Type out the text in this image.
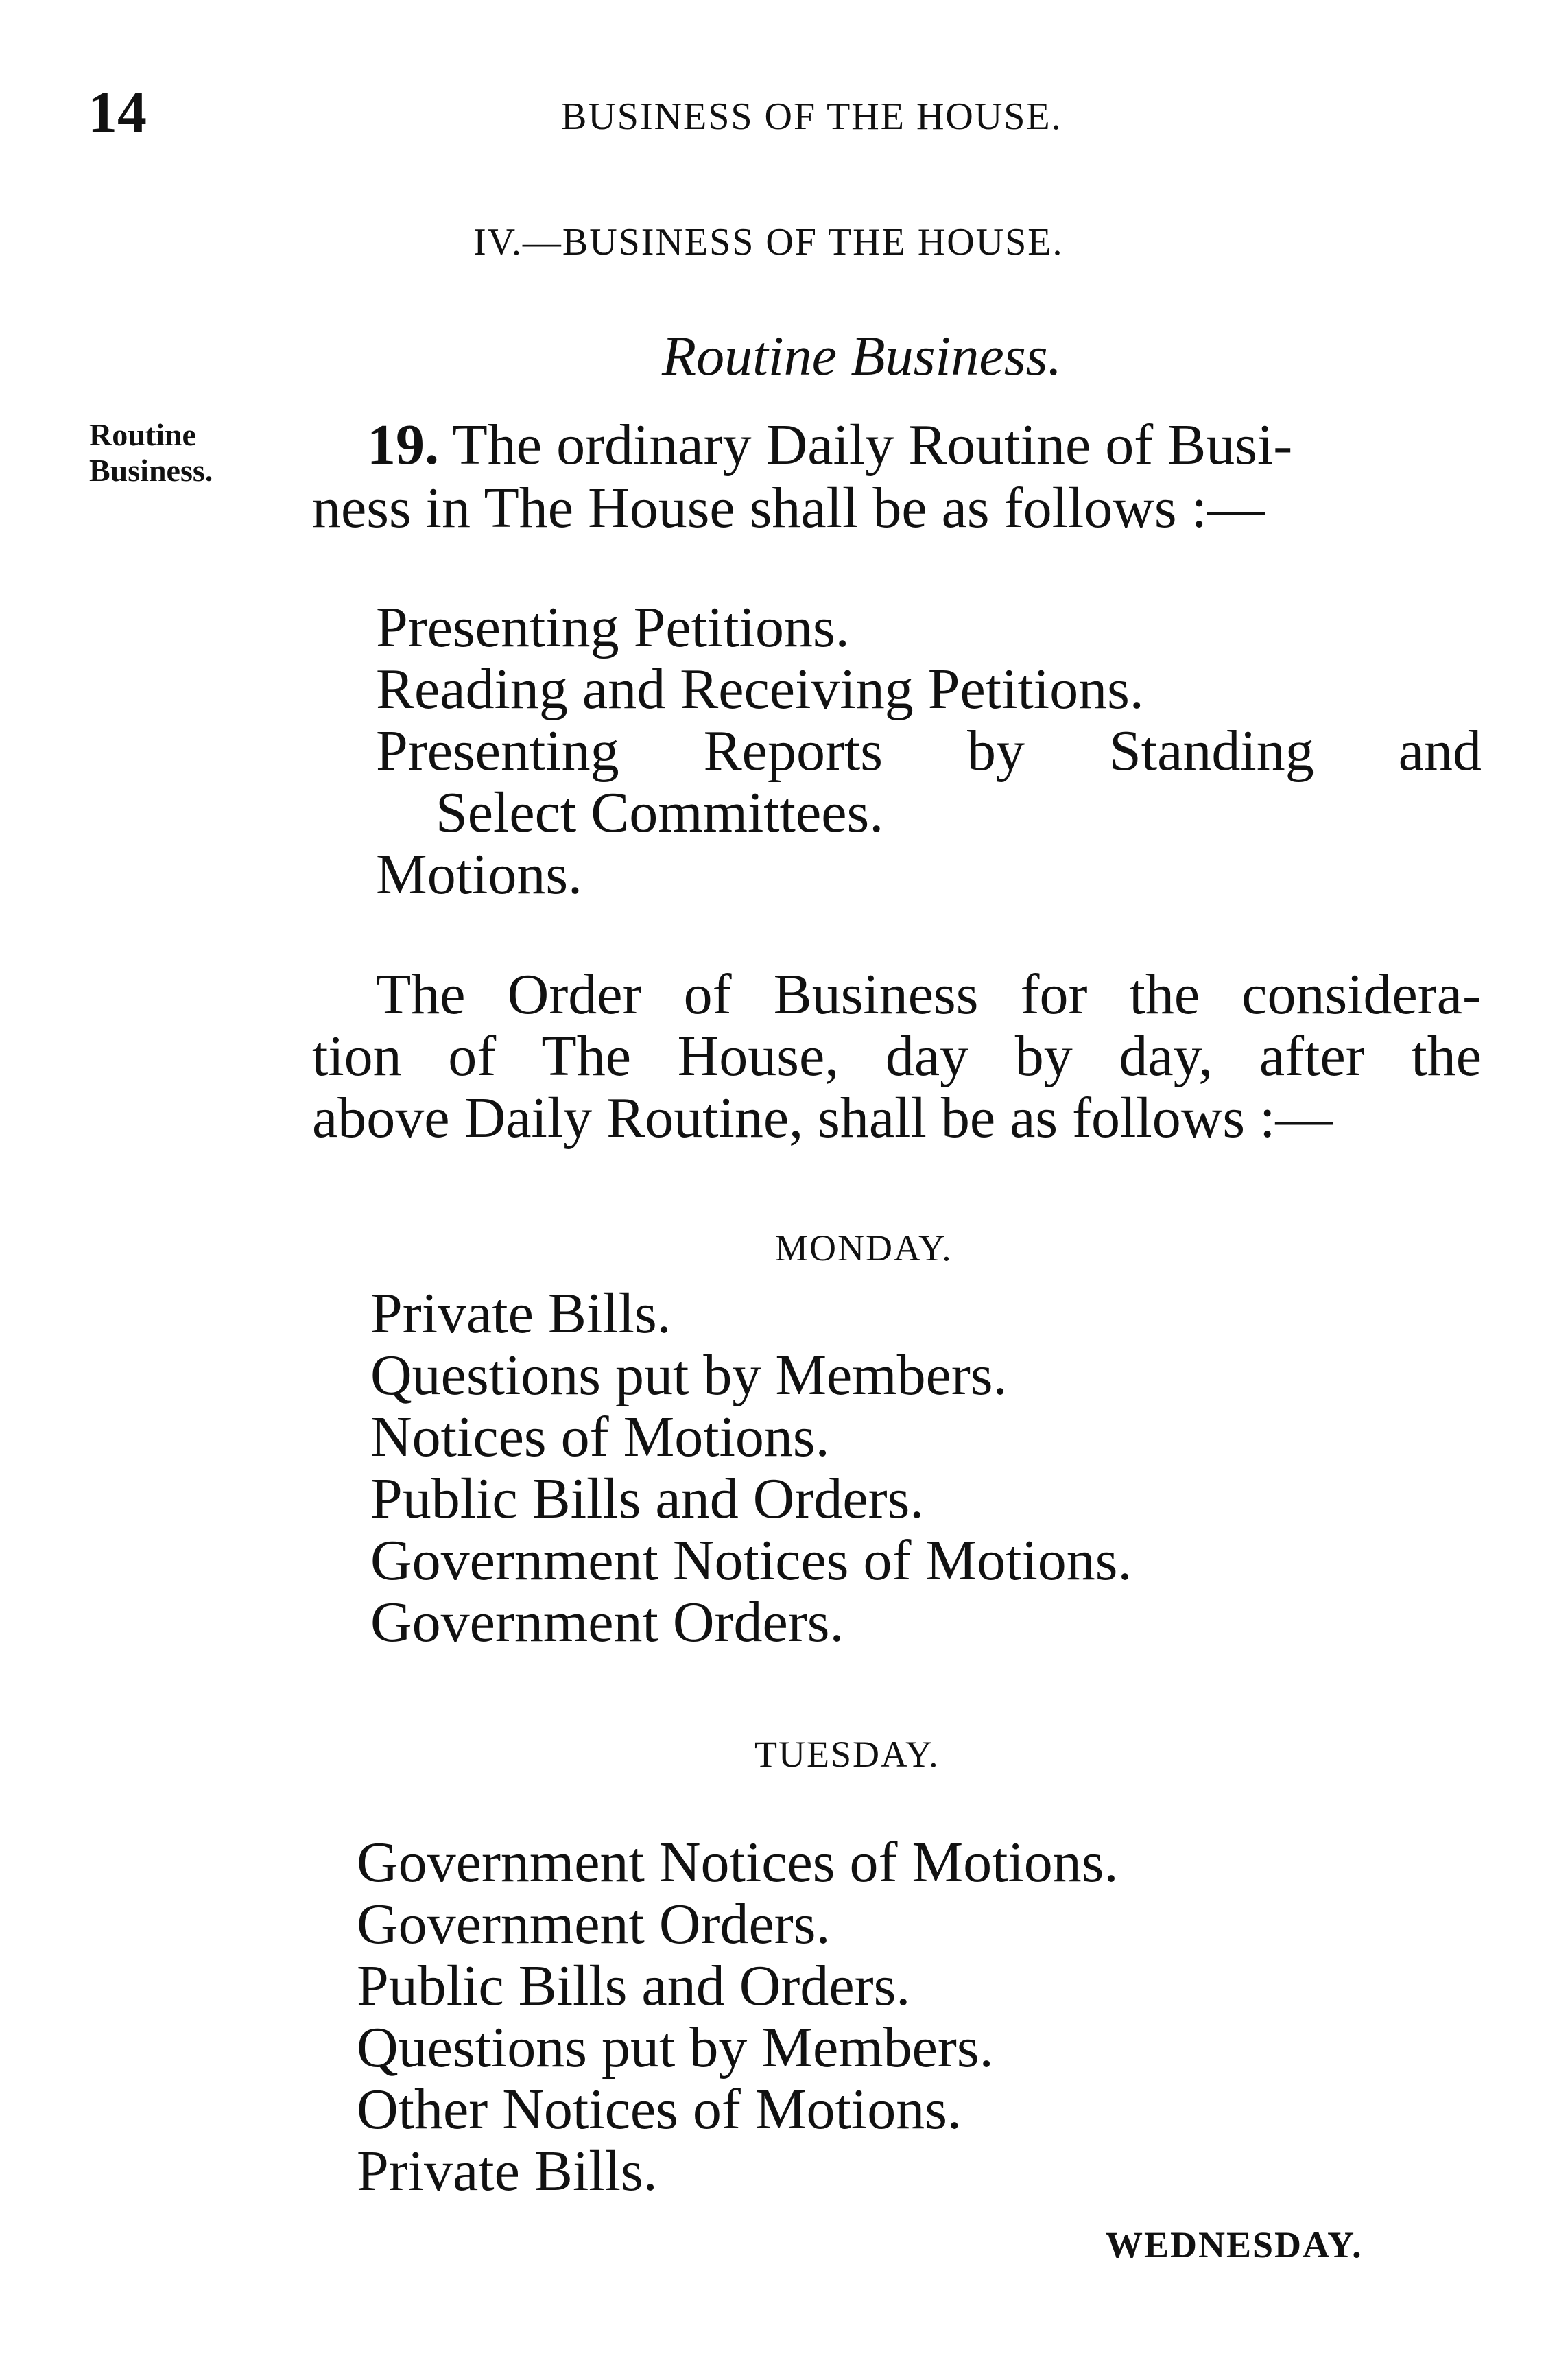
14	BUSINESS OF THE HOUSE.
IV.—BUSINESS OF THE HOUSE.
Routine Business.
Routine Business.	19. The ordinary Daily Routine of Busi-
ness in The House shall be as follows :—
Presenting Petitions.
Reading and Receiving Petitions.
Presenting Reports by Standing and
Select Committees.
Motions.
The Order of Business for the considera-
tion of The House, day by day, after the
above Daily Routine, shall be as follows :—
MONDAY.
Private Bills.
Questions put by Members.
Notices of Motions.
Public Bills and Orders.
Government Notices of Motions.
Government Orders.
TUESDAY.
Government Notices of Motions.
Government Orders.
Public Bills and Orders.
Questions put by Members.
Other Notices of Motions.
Private Bills.
WEDNESDAY.
